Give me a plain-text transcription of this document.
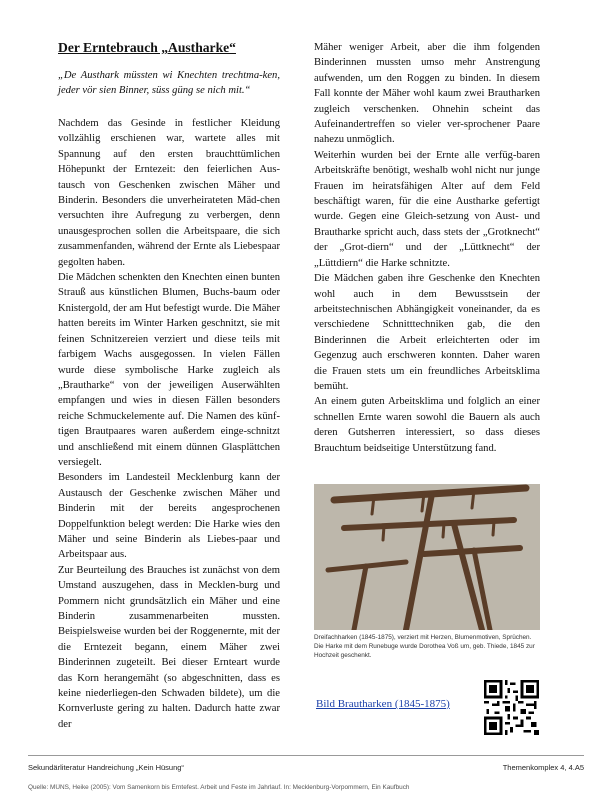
Der Erntebrauch „Austharke“
„De Austhark müssten wi Knechten trechtma-ken, jeder vör sien Binner, süss güng se nich mit.“

Nachdem das Gesinde in festlicher Kleidung vollzählig erschienen war, wartete alles mit Spannung auf den ersten brauchttümlichen Höhepunkt der Erntezeit: den feierlichen Aus-tausch von Geschenken zwischen Mäher und Binderin. Besonders die unverheirateten Mäd-chen versuchten ihre Aufregung zu verbergen, denn unausgesprochen sollen die Arbeitspaare, die sich zusammenfanden, während der Ernte als Liebespaar gegolten haben.

Die Mädchen schenkten den Knechten einen bunten Strauß aus künstlichen Blumen, Buchs-baum oder Knistergold, der am Hut befestigt wurde. Die Mäher hatten bereits im Winter Harken geschnitzt, sie mit feinen Schnitzereien verziert und diese teils mit farbigem Wachs ausgegossen. In vielen Fällen wurde diese symbolische Harke zugleich als „Brautharke“ von der jeweiligen Auserwählten empfangen und wies in diesen Fällen besonders reiche Schmuckelemente auf. Die Namen des künf-tigen Brautpaares waren außerdem einge-schnitzt und anschließend mit einem dünnen Glasplättchen versiegelt.

Besonders im Landesteil Mecklenburg kann der Austausch der Geschenke zwischen Mäher und Binderin mit der bereits angesprochenen Doppelfunktion belegt werden: Die Harke wies den Mäher und seine Binderin als Liebes-paar und Arbeitspaar aus.

Zur Beurteilung des Brauches ist zunächst von dem Umstand auszugehen, dass in Mecklen-burg und Pommern nicht grundsätzlich ein Mäher und eine Binderin zusammenarbeiten mussten. Beispielsweise wurden bei der Roggenernte, mit der die Erntezeit begann, einem Mäher zwei Binderinnen zugeteilt. Bei dieser Ernteart wurde das Korn herangemäht (so abgeschnitten, dass es keine niederliegen-den Schwaden bildete), um die Kornverluste gering zu halten. Dadurch hatte zwar der

Mäher weniger Arbeit, aber die ihm folgenden Binderinnen mussten umso mehr Anstrengung aufwenden, um den Roggen zu binden. In diesem Fall konnte der Mäher wohl kaum zwei Brautharken zugleich verschenken. Ohnehin scheint das Aufeinandertreffen so vieler ver-sprochener Paare nahezu unmöglich.

Weiterhin wurden bei der Ernte alle verfüg-baren Arbeitskräfte benötigt, weshalb wohl nicht nur junge Frauen im heiratsfähigen Alter auf dem Feld beschäftigt waren, für die eine Austharke gefertigt wurde. Gegen eine Gleich-setzung von Aust- und Brautharke spricht auch, dass stets der „Grotknecht“ der „Grot-diern“ und der „Lüttknecht“ der „Lüttdiern“ die Harke schnitzte.

Die Mädchen gaben ihre Geschenke den Knechten wohl auch in dem Bewusstsein der arbeitstechnischen Abhängigkeit voneinander, da es verschiedene Schnitttechniken gab, die den Binderinnen die Arbeit erleichterten oder im Gegenzug auch erschweren konnten. Daher waren die Frauen stets um ein freundliches Arbeitsklima bemüht.

An einem guten Arbeitsklima und folglich an einer schnellen Ernte waren sowohl die Bauern als auch deren Gutsherren interessiert, so dass dieses Brauchtum beidseitige Unterstützung fand.

Dreifachharken (1845-1875), verziert mit Herzen, Blumenmotiven, Sprüchen. Die Harke mit dem Runebuge wurde Dorothea Voß um, geb. Thiede, 1845 zur Hochzeit geschenkt.
Bild Brautharken (1845-1875)
Sekundärliteratur Handreichung „Kein Hüsung“	Themenkomplex 4, 4.A5
Quelle: MÜNS, Heike (2005): Vom Samenkorn bis Erntefest. Arbeit und Feste im Jahrlauf. In: Mecklenburg-Vorpommern, Ein Kaufbuch
